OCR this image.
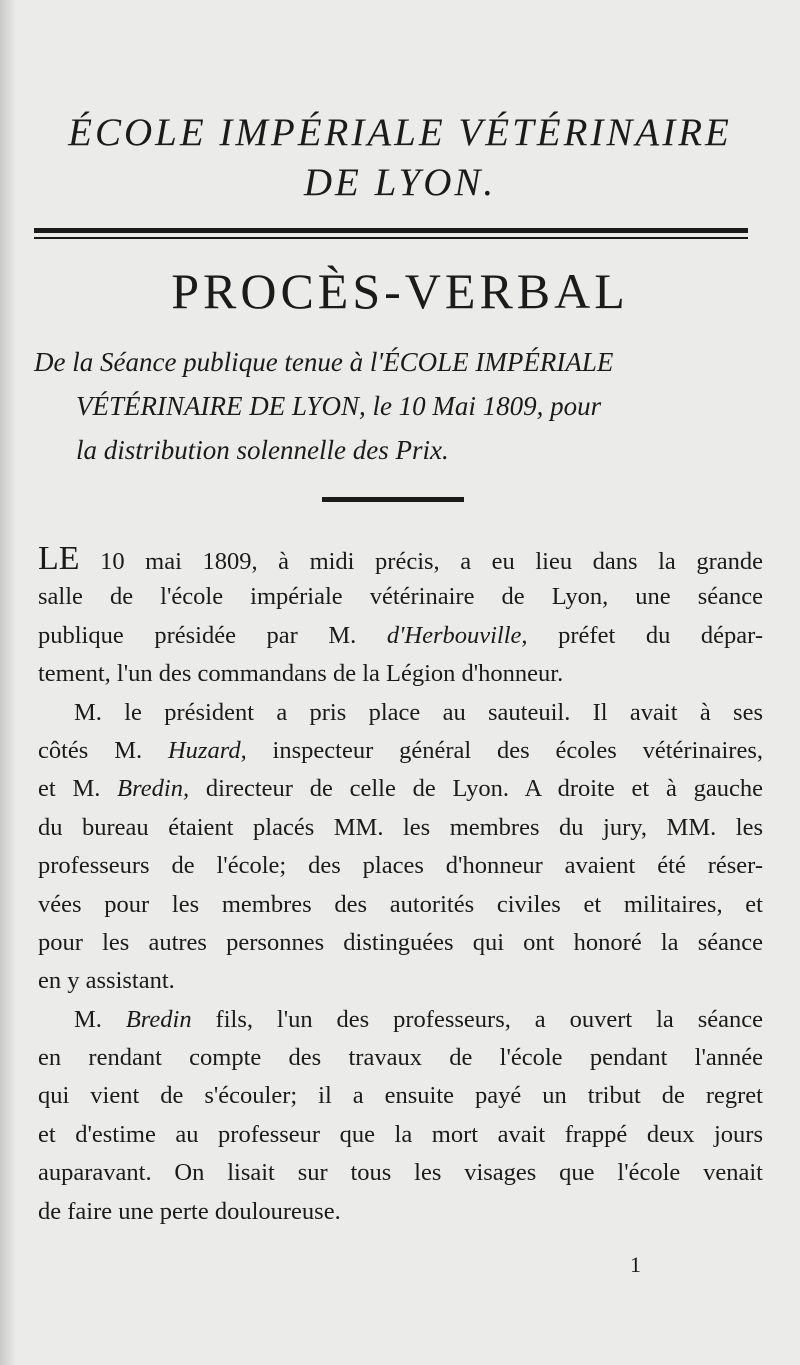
ÉCOLE IMPÉRIALE VÉTÉRINAIRE
DE LYON.
PROCÈS-VERBAL
De la Séance publique tenue à l'ÉCOLE IMPÉRIALE
VÉTÉRINAIRE DE LYON, le 10 Mai 1809, pour
la distribution solennelle des Prix.
LE 10 mai 1809, à midi précis, a eu lieu dans la grande
salle de l'école impériale vétérinaire de Lyon, une séance
publique présidée par M. d'Herbouville, préfet du dépar-
tement, l'un des commandans de la Légion d'honneur.
M. le président a pris place au sauteuil. Il avait à ses
côtés M. Huzard, inspecteur général des écoles vétérinaires,
et M. Bredin, directeur de celle de Lyon. A droite et à gauche
du bureau étaient placés MM. les membres du jury, MM. les
professeurs de l'école; des places d'honneur avaient été réser-
vées pour les membres des autorités civiles et militaires, et
pour les autres personnes distinguées qui ont honoré la séance
en y assistant.
M. Bredin fils, l'un des professeurs, a ouvert la séance
en rendant compte des travaux de l'école pendant l'année
qui vient de s'écouler; il a ensuite payé un tribut de regret
et d'estime au professeur que la mort avait frappé deux jours
auparavant. On lisait sur tous les visages que l'école venait
de faire une perte douloureuse.
1
